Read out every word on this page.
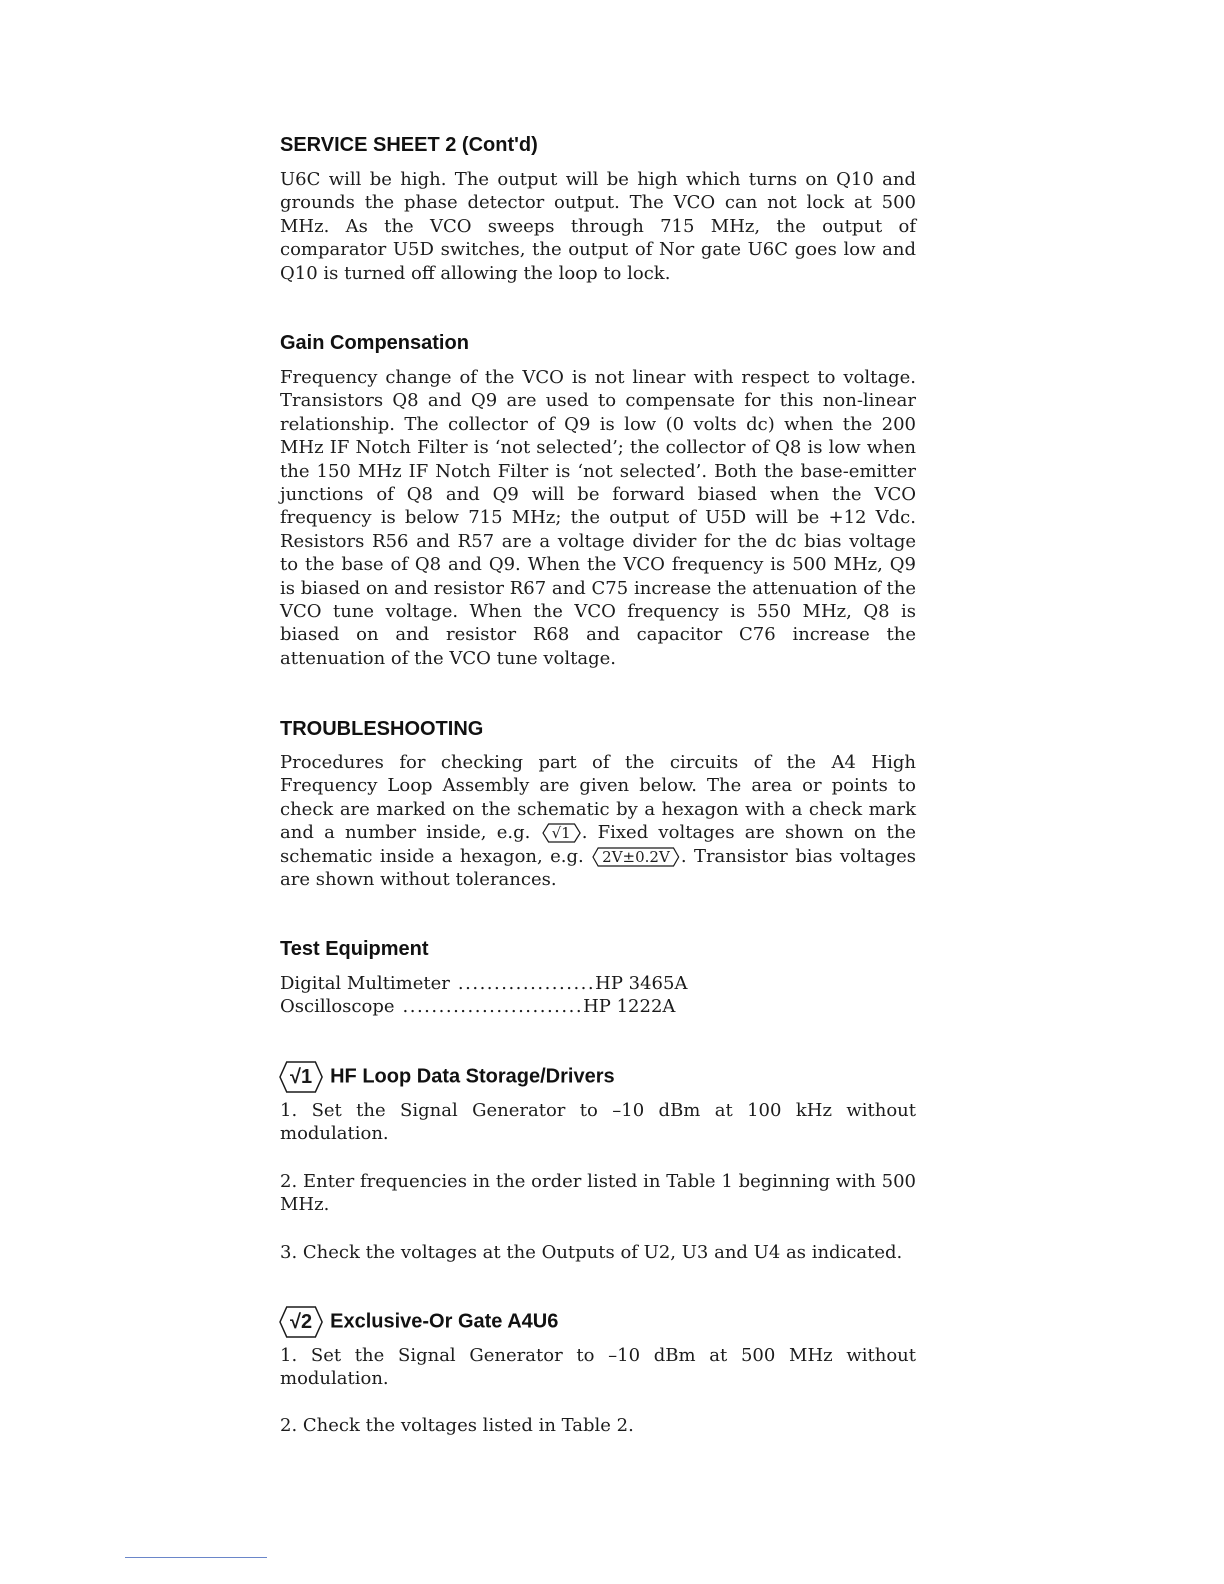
SERVICE SHEET 2 (Cont'd)

U6C will be high. The output will be high which turns on Q10 and grounds the phase detector output. The VCO can not lock at 500 MHz. As the VCO sweeps through 715 MHz, the output of comparator U5D switches, the output of Nor gate U6C goes low and Q10 is turned off allowing the loop to lock.

Gain Compensation

Frequency change of the VCO is not linear with respect to voltage. Transistors Q8 and Q9 are used to compensate for this non-linear relationship. The collector of Q9 is low (0 volts dc) when the 200 MHz IF Notch Filter is ‘not selected’; the collector of Q8 is low when the 150 MHz IF Notch Filter is ‘not selected’. Both the base-emitter junctions of Q8 and Q9 will be forward biased when the VCO frequency is below 715 MHz; the output of U5D will be +12 Vdc. Resistors R56 and R57 are a voltage divider for the dc bias voltage to the base of Q8 and Q9. When the VCO frequency is 500 MHz, Q9 is biased on and resistor R67 and C75 increase the attenuation of the VCO tune voltage. When the VCO frequency is 550 MHz, Q8 is biased on and resistor R68 and capacitor C76 increase the attenuation of the VCO tune voltage.

TROUBLESHOOTING

Procedures for checking part of the circuits of the A4 High Frequency Loop Assembly are given below. The area or points to check are marked on the schematic by a hexagon with a check mark and a number inside, e.g. √1 . Fixed voltages are shown on the schematic inside a hexagon, e.g. 2V±0.2V . Transistor bias voltages are shown without tolerances.

Test Equipment
Digital Multimeter ................... HP 3465A
Oscilloscope ......................... HP 1222A
√1 HF Loop Data Storage/Drivers

1. Set the Signal Generator to –10 dBm at 100 kHz without modulation.

2. Enter frequencies in the order listed in Table 1 beginning with 500 MHz.

3. Check the voltages at the Outputs of U2, U3 and U4 as indicated.

√2 Exclusive-Or Gate A4U6

1. Set the Signal Generator to –10 dBm at 500 MHz without modulation.

2. Check the voltages listed in Table 2.
